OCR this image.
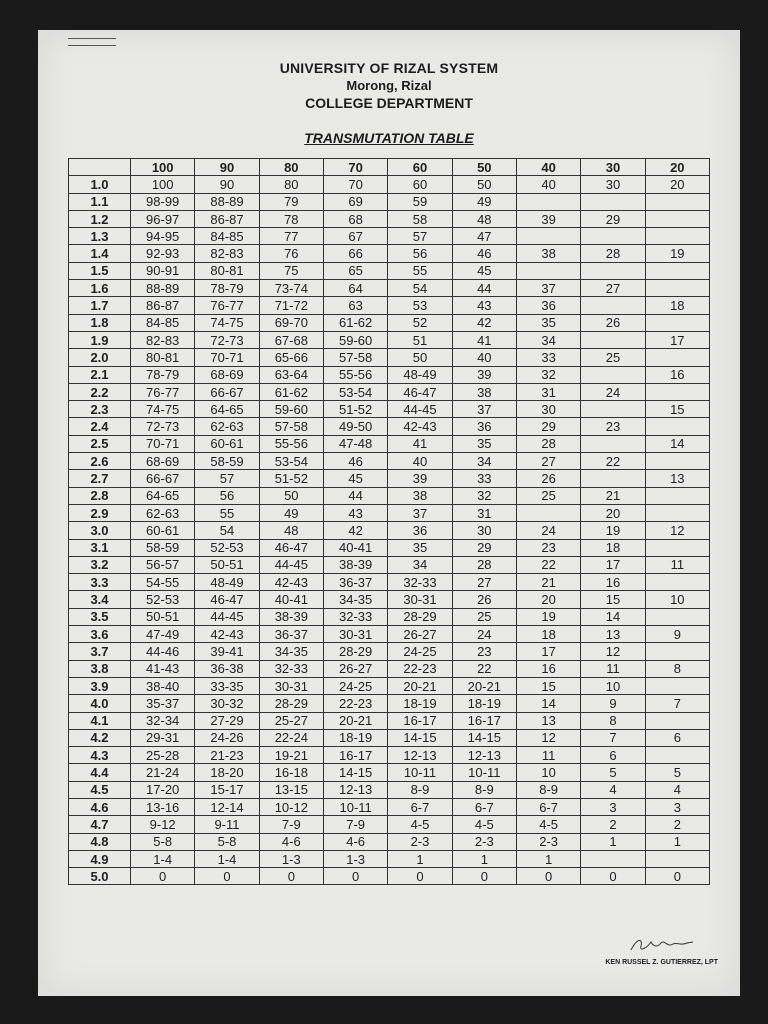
UNIVERSITY OF RIZAL SYSTEM
Morong, Rizal
COLLEGE DEPARTMENT
TRANSMUTATION TABLE
	100	90	80	70	60	50	40	30	20
1.0	100	90	80	70	60	50	40	30	20
1.1	98-99	88-89	79	69	59	49			
1.2	96-97	86-87	78	68	58	48	39	29	
1.3	94-95	84-85	77	67	57	47			
1.4	92-93	82-83	76	66	56	46	38	28	19
1.5	90-91	80-81	75	65	55	45			
1.6	88-89	78-79	73-74	64	54	44	37	27	
1.7	86-87	76-77	71-72	63	53	43	36		18
1.8	84-85	74-75	69-70	61-62	52	42	35	26	
1.9	82-83	72-73	67-68	59-60	51	41	34		17
2.0	80-81	70-71	65-66	57-58	50	40	33	25	
2.1	78-79	68-69	63-64	55-56	48-49	39	32		16
2.2	76-77	66-67	61-62	53-54	46-47	38	31	24	
2.3	74-75	64-65	59-60	51-52	44-45	37	30		15
2.4	72-73	62-63	57-58	49-50	42-43	36	29	23	
2.5	70-71	60-61	55-56	47-48	41	35	28		14
2.6	68-69	58-59	53-54	46	40	34	27	22	
2.7	66-67	57	51-52	45	39	33	26		13
2.8	64-65	56	50	44	38	32	25	21	
2.9	62-63	55	49	43	37	31		20	
3.0	60-61	54	48	42	36	30	24	19	12
3.1	58-59	52-53	46-47	40-41	35	29	23	18	
3.2	56-57	50-51	44-45	38-39	34	28	22	17	11
3.3	54-55	48-49	42-43	36-37	32-33	27	21	16	
3.4	52-53	46-47	40-41	34-35	30-31	26	20	15	10
3.5	50-51	44-45	38-39	32-33	28-29	25	19	14	
3.6	47-49	42-43	36-37	30-31	26-27	24	18	13	9
3.7	44-46	39-41	34-35	28-29	24-25	23	17	12	
3.8	41-43	36-38	32-33	26-27	22-23	22	16	11	8
3.9	38-40	33-35	30-31	24-25	20-21	20-21	15	10	
4.0	35-37	30-32	28-29	22-23	18-19	18-19	14	9	7
4.1	32-34	27-29	25-27	20-21	16-17	16-17	13	8	
4.2	29-31	24-26	22-24	18-19	14-15	14-15	12	7	6
4.3	25-28	21-23	19-21	16-17	12-13	12-13	11	6	
4.4	21-24	18-20	16-18	14-15	10-11	10-11	10	5	5
4.5	17-20	15-17	13-15	12-13	8-9	8-9	8-9	4	4
4.6	13-16	12-14	10-12	10-11	6-7	6-7	6-7	3	3
4.7	9-12	9-11	7-9	7-9	4-5	4-5	4-5	2	2
4.8	5-8	5-8	4-6	4-6	2-3	2-3	2-3	1	1
4.9	1-4	1-4	1-3	1-3	1	1	1		
5.0	0	0	0	0	0	0	0	0	0
KEN RUSSEL Z. GUTIERREZ, LPT
